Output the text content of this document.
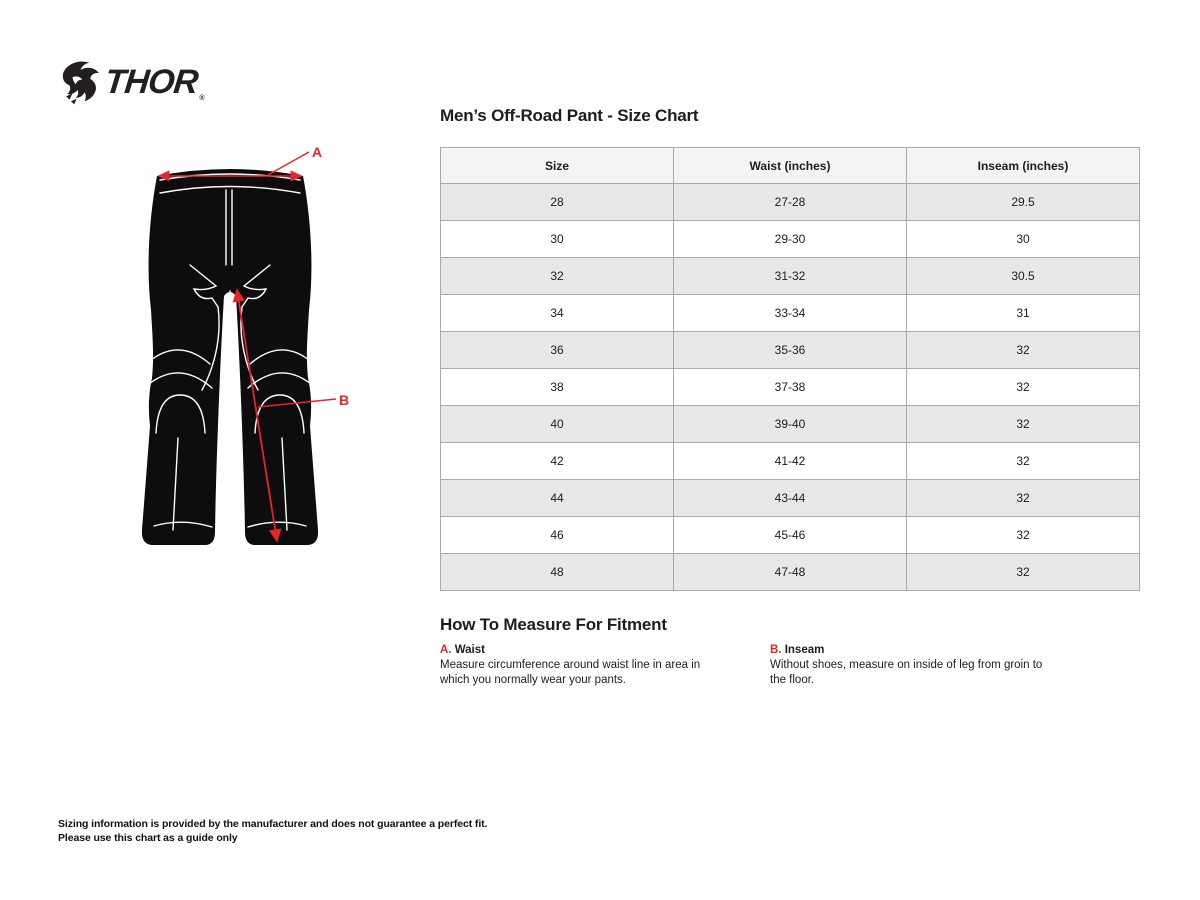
THOR ®
A
B
Men’s Off-Road Pant - Size Chart
Size	Waist (inches)	Inseam (inches)
28	27-28	29.5
30	29-30	30
32	31-32	30.5
34	33-34	31
36	35-36	32
38	37-38	32
40	39-40	32
42	41-42	32
44	43-44	32
46	45-46	32
48	47-48	32
How To Measure For Fitment
A. Waist

Measure circumference around waist line in area in which you normally wear your pants.

B. Inseam

Without shoes, measure on inside of leg from groin to the floor.

Sizing information is provided by the manufacturer and does not guarantee a perfect fit.
Please use this chart as a guide only
